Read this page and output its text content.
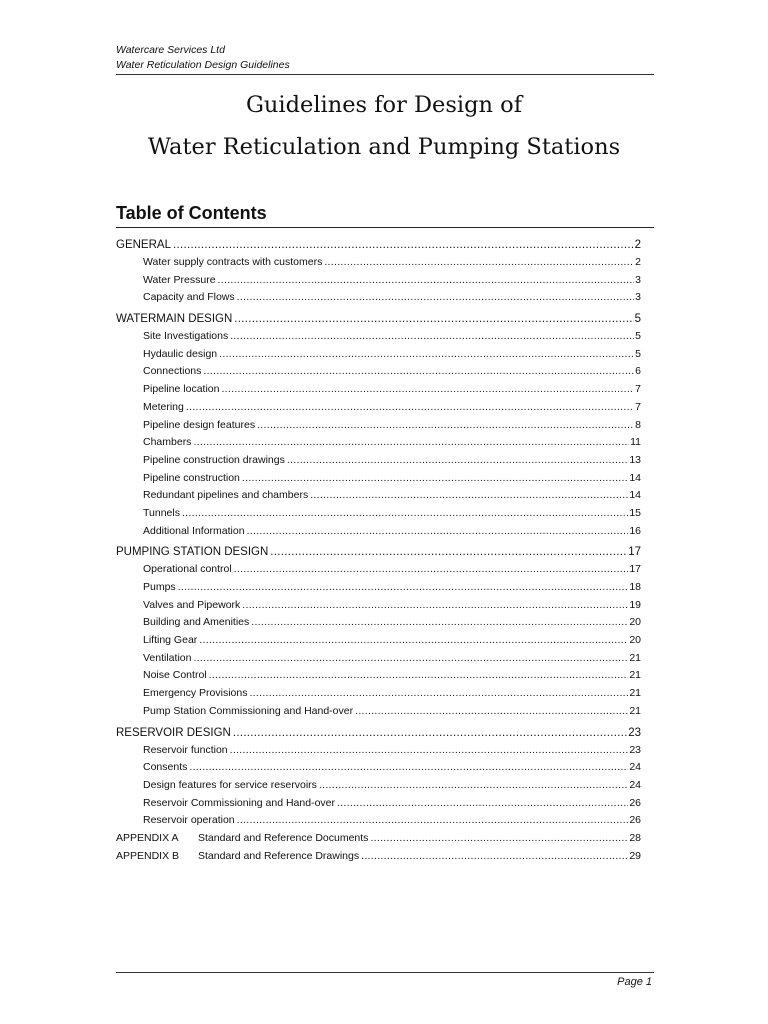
Watercare Services Ltd
Water Reticulation Design Guidelines
Guidelines for Design of
Water Reticulation and Pumping Stations
Table of Contents
GENERAL .....	2
Water supply contracts with customers .....	2
Water Pressure .....	3
Capacity and Flows .....	3
WATERMAIN DESIGN .....	5
Site Investigations .....	5
Hydaulic design .....	5
Connections .....	6
Pipeline location .....	7
Metering .....	7
Pipeline design features .....	8
Chambers .....	11
Pipeline construction drawings .....	13
Pipeline construction .....	14
Redundant pipelines and chambers .....	14
Tunnels .....	15
Additional Information .....	16
PUMPING STATION DESIGN .....	17
Operational control .....	17
Pumps .....	18
Valves and Pipework .....	19
Building and Amenities .....	20
Lifting Gear .....	20
Ventilation .....	21
Noise Control .....	21
Emergency Provisions .....	21
Pump Station Commissioning and Hand-over .....	21
RESERVOIR DESIGN .....	23
Reservoir function .....	23
Consents .....	24
Design features for service reservoirs .....	24
Reservoir Commissioning and Hand-over .....	26
Reservoir operation .....	26
APPENDIX A Standard and Reference Documents .....	28
APPENDIX B Standard and Reference Drawings .....	29
Page 1
